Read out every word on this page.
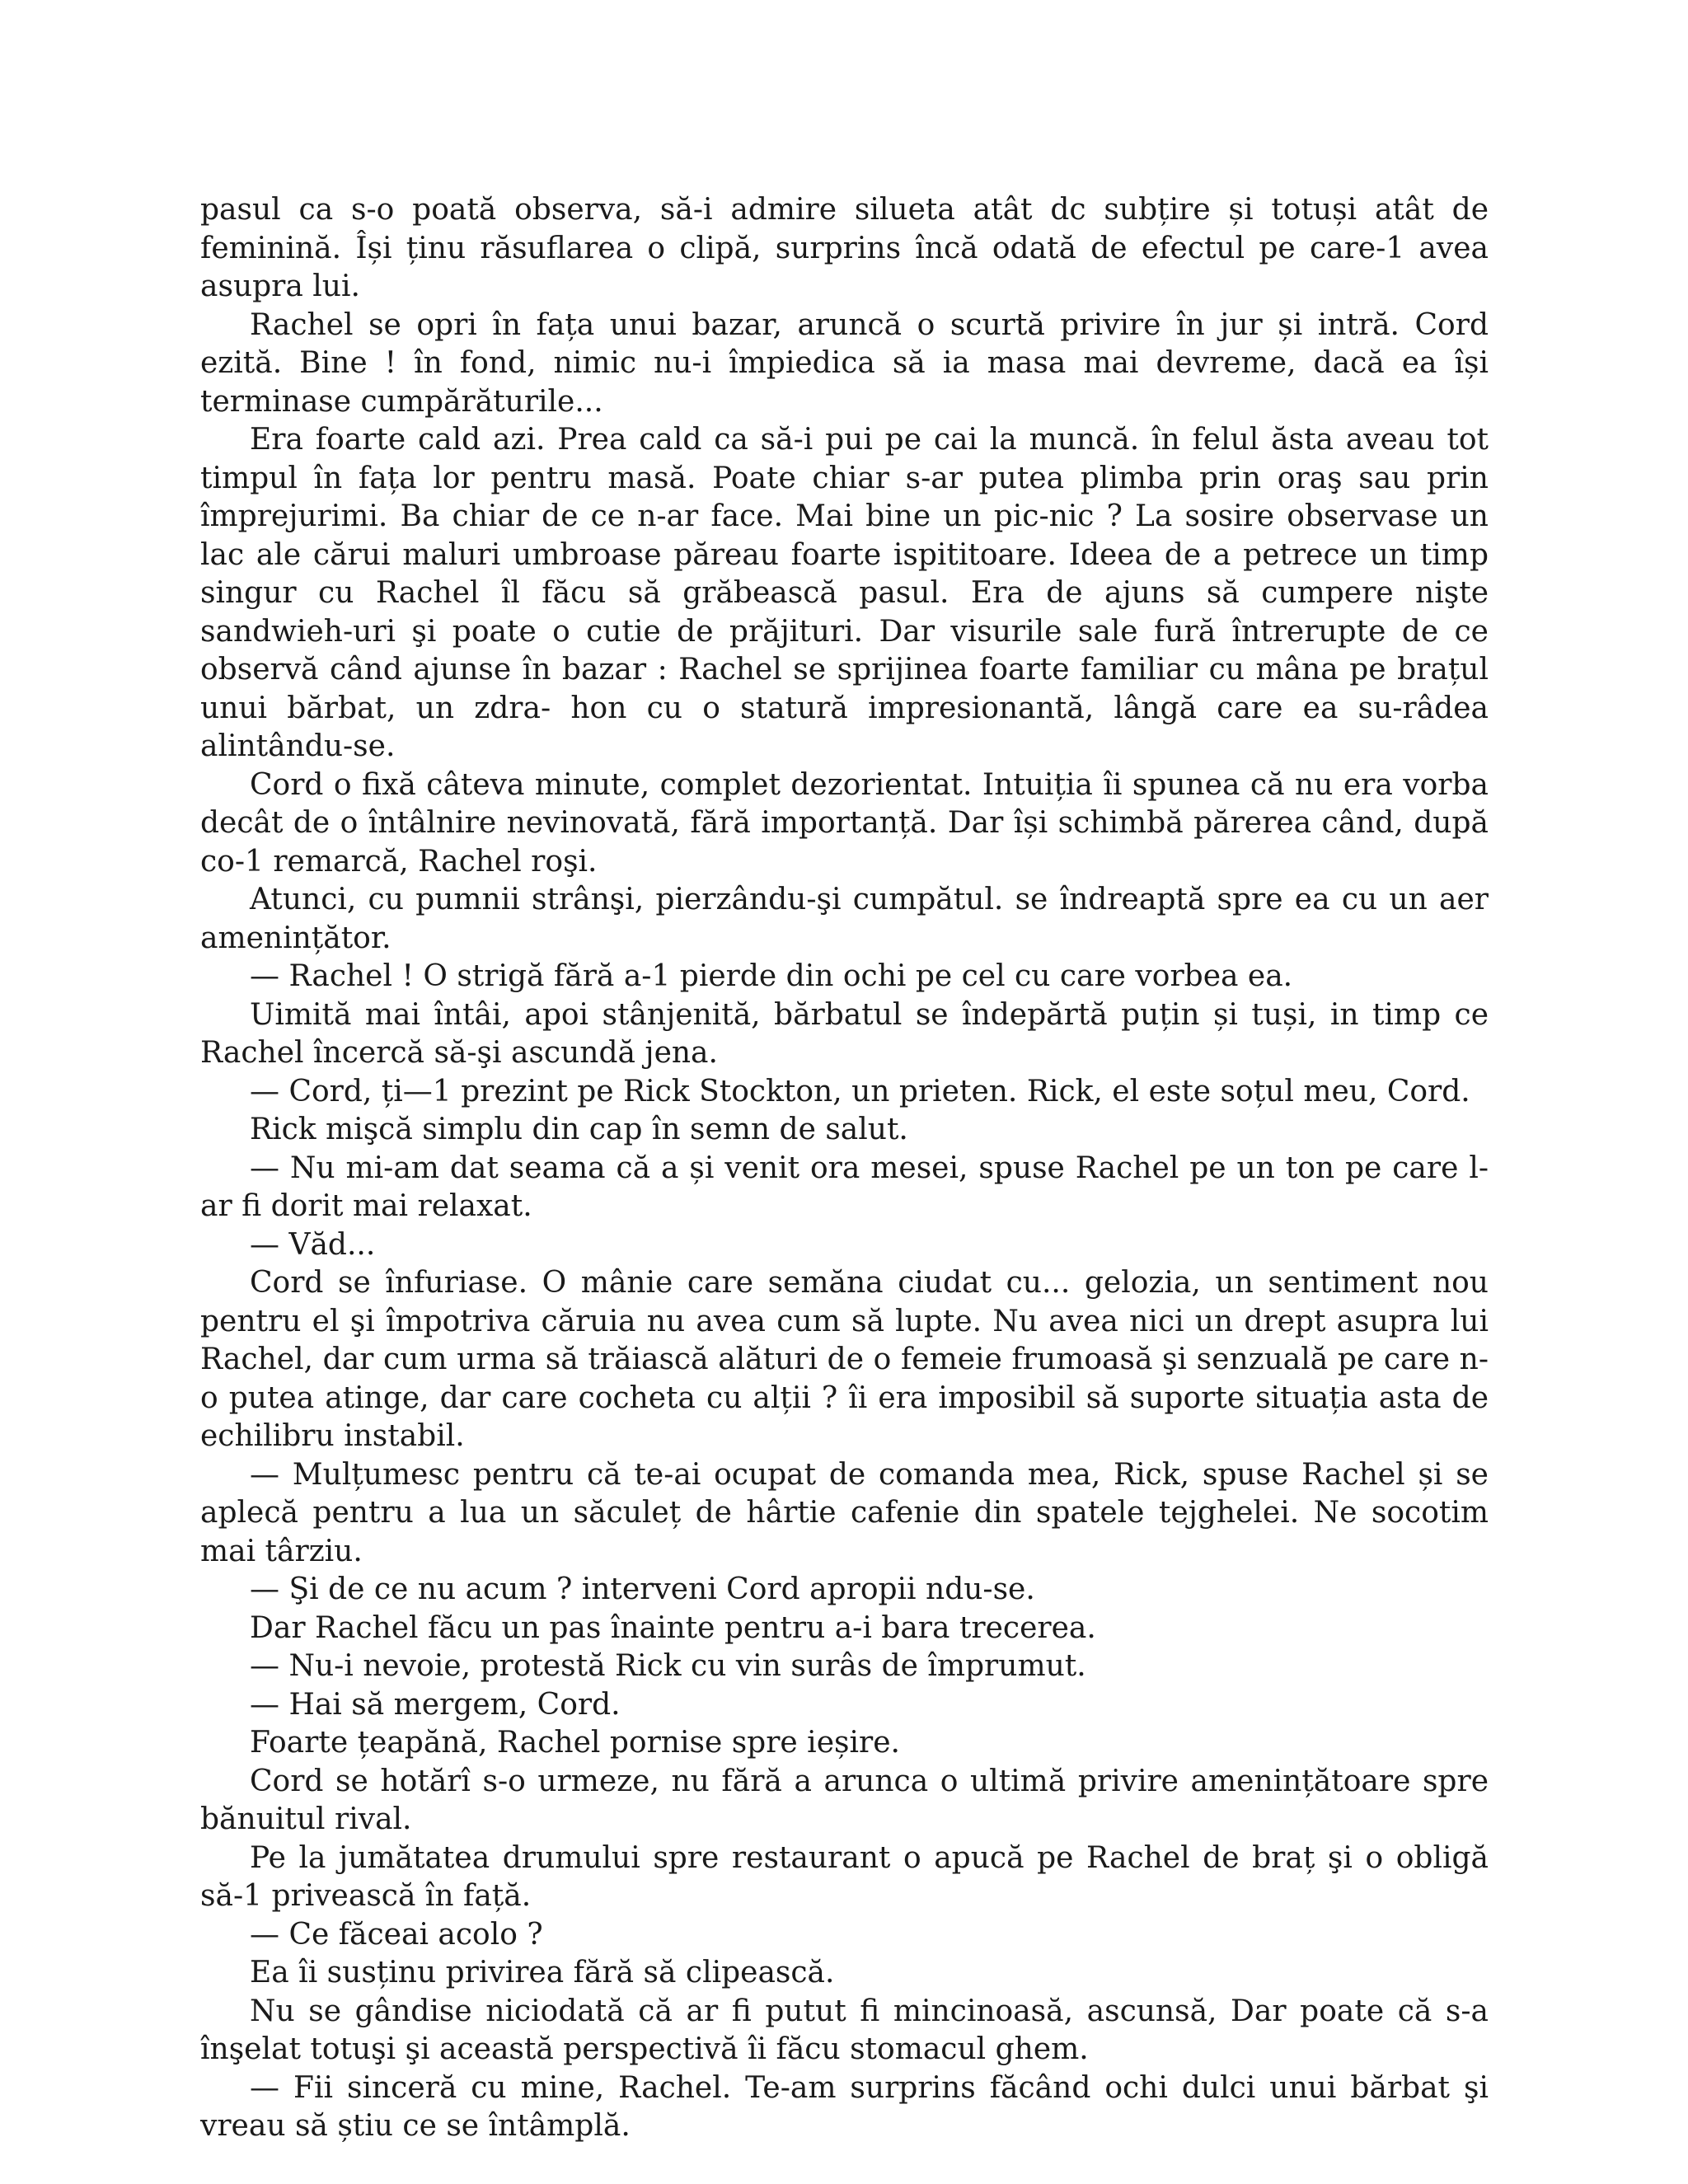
pasul ca s-o poată observa, să-i admire silueta atât dc subțire și totuși atât de feminină. Își ținu răsuflarea o clipă, surprins încă odată de efectul pe care-1 avea asupra lui.

Rachel se opri în fața unui bazar, aruncă o scurtă privire în jur și intră. Cord ezită. Bine ! în fond, nimic nu-i împiedica să ia masa mai devreme, dacă ea își terminase cumpărăturile...

Era foarte cald azi. Prea cald ca să-i pui pe cai la muncă. în felul ăsta aveau tot timpul în fața lor pentru masă. Poate chiar s-ar putea plimba prin oraş sau prin împrejurimi. Ba chiar de ce n-ar face. Mai bine un pic-nic ? La sosire observase un lac ale cărui maluri umbroase păreau foarte ispititoare. Ideea de a petrece un timp singur cu Rachel îl făcu să grăbească pasul. Era de ajuns să cumpere nişte sandwieh-uri şi poate o cutie de prăjituri. Dar visurile sale fură întrerupte de ce observă când ajunse în bazar : Rachel se sprijinea foarte familiar cu mâna pe brațul unui bărbat, un zdra- hon cu o statură impresionantă, lângă care ea su-râdea alintându-se.

Cord o fixă câteva minute, complet dezorientat. Intuiția îi spunea că nu era vorba decât de o întâlnire nevinovată, fără importanță. Dar își schimbă părerea când, după co-1 remarcă, Rachel roşi.

Atunci, cu pumnii strânşi, pierzându-şi cumpătul. se îndreaptă spre ea cu un aer amenințător.

— Rachel ! O strigă fără a-1 pierde din ochi pe cel cu care vorbea ea.

Uimită mai întâi, apoi stânjenită, bărbatul se îndepărtă puțin și tuși, in timp ce Rachel încercă să-şi ascundă jena.

— Cord, ți—1 prezint pe Rick Stockton, un prieten. Rick, el este soțul meu, Cord.

Rick mişcă simplu din cap în semn de salut.

— Nu mi-am dat seama că a și venit ora mesei, spuse Rachel pe un ton pe care l-ar fi dorit mai relaxat.

— Văd...

Cord se înfuriase. O mânie care semăna ciudat cu... gelozia, un sentiment nou pentru el şi împotriva căruia nu avea cum să lupte. Nu avea nici un drept asupra lui Rachel, dar cum urma să trăiască alături de o femeie frumoasă şi senzuală pe care n-o putea atinge, dar care cocheta cu alții ? îi era imposibil să suporte situația asta de echilibru instabil.

— Mulțumesc pentru că te-ai ocupat de comanda mea, Rick, spuse Rachel și se aplecă pentru a lua un săculeț de hârtie cafenie din spatele tejghelei. Ne socotim mai târziu.

— Şi de ce nu acum ? interveni Cord apropii ndu-se.

Dar Rachel făcu un pas înainte pentru a-i bara trecerea.

— Nu-i nevoie, protestă Rick cu vin surâs de împrumut.

— Hai să mergem, Cord.

Foarte țeapănă, Rachel pornise spre ieșire.

Cord se hotărî s-o urmeze, nu fără a arunca o ultimă privire amenințătoare spre bănuitul rival.

Pe la jumătatea drumului spre restaurant o apucă pe Rachel de braț şi o obligă să-1 privească în față.

— Ce făceai acolo ?

Ea îi susținu privirea fără să clipească.

Nu se gândise niciodată că ar fi putut fi mincinoasă, ascunsă, Dar poate că s-a înşelat totuşi şi această perspectivă îi făcu stomacul ghem.

— Fii sinceră cu mine, Rachel. Te-am surprins făcând ochi dulci unui bărbat şi vreau să știu ce se întâmplă.
